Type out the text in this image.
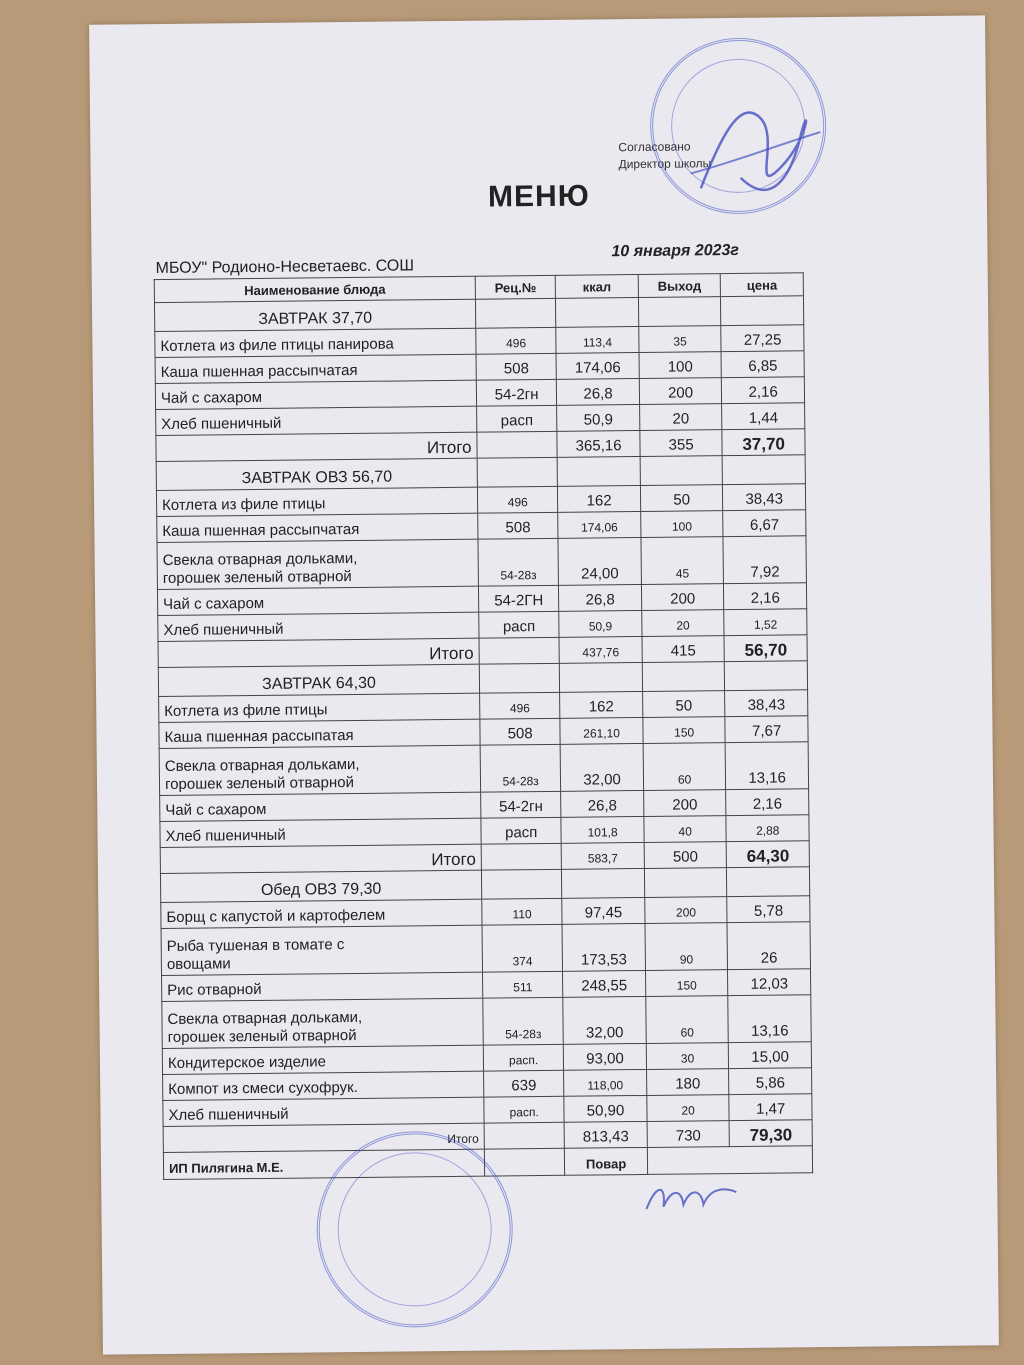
Согласовано
Директор школы
МЕНЮ
МБОУ" Родионо-Несветаевс. СОШ
10 января 2023г
Наименование блюда	Рец.№	ккал	Выход	цена
ЗАВТРАК 37,70				
Котлета из филе птицы панирова	496	113,4	35	27,25
Каша пшенная рассыпчатая	508	174,06	100	6,85
Чай с сахаром	54-2гн	26,8	200	2,16
Хлеб пшеничный	расп	50,9	20	1,44
Итого		365,16	355	37,70
ЗАВТРАК ОВЗ 56,70				
Котлета из филе птицы	496	162	50	38,43
Каша пшенная рассыпчатая	508	174,06	100	6,67

Свекла отварная дольками,
горошек зеленый отварной	54-28з	24,00	45	7,92
Чай с сахаром	54-2ГН	26,8	200	2,16
Хлеб пшеничный	расп	50,9	20	1,52
Итого		437,76	415	56,70
ЗАВТРАК 64,30				
Котлета из филе птицы	496	162	50	38,43
Каша пшенная рассыпатая	508	261,10	150	7,67

Свекла отварная дольками,
горошек зеленый отварной	54-28з	32,00	60	13,16
Чай с сахаром	54-2гн	26,8	200	2,16
Хлеб пшеничный	расп	101,8	40	2,88
Итого		583,7	500	64,30
Обед ОВЗ 79,30				
Борщ с капустой и картофелем	110	97,45	200	5,78

Рыба тушеная в томате с
овощами	374	173,53	90	26
Рис отварной	511	248,55	150	12,03

Свекла отварная дольками,
горошек зеленый отварной	54-28з	32,00	60	13,16
Кондитерское изделие	расп.	93,00	30	15,00
Компот из смеси сухофрук.	639	118,00	180	5,86
Хлеб пшеничный	расп.	50,90	20	1,47
Итого		813,43	730	79,30
ИП Пилягина М.Е.		Повар		
